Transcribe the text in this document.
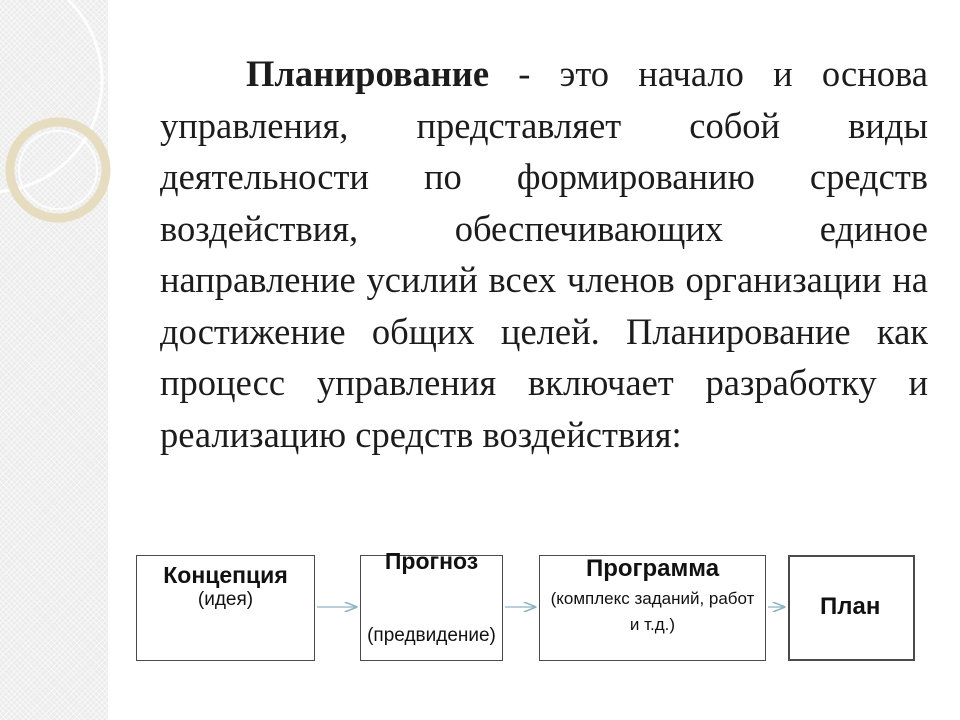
Планирование - это начало и основа управления, представляет собой виды деятельности по формированию средств воздействия, обеспечивающих единое направление усилий всех членов организации на достижение общих целей. Планирование как процесс управления включает разработку и реализацию средств воздействия:

Концепция
(идея)
Прогноз
(предвидение)
Программа
(комплекс заданий, работ и т.д.)
План
